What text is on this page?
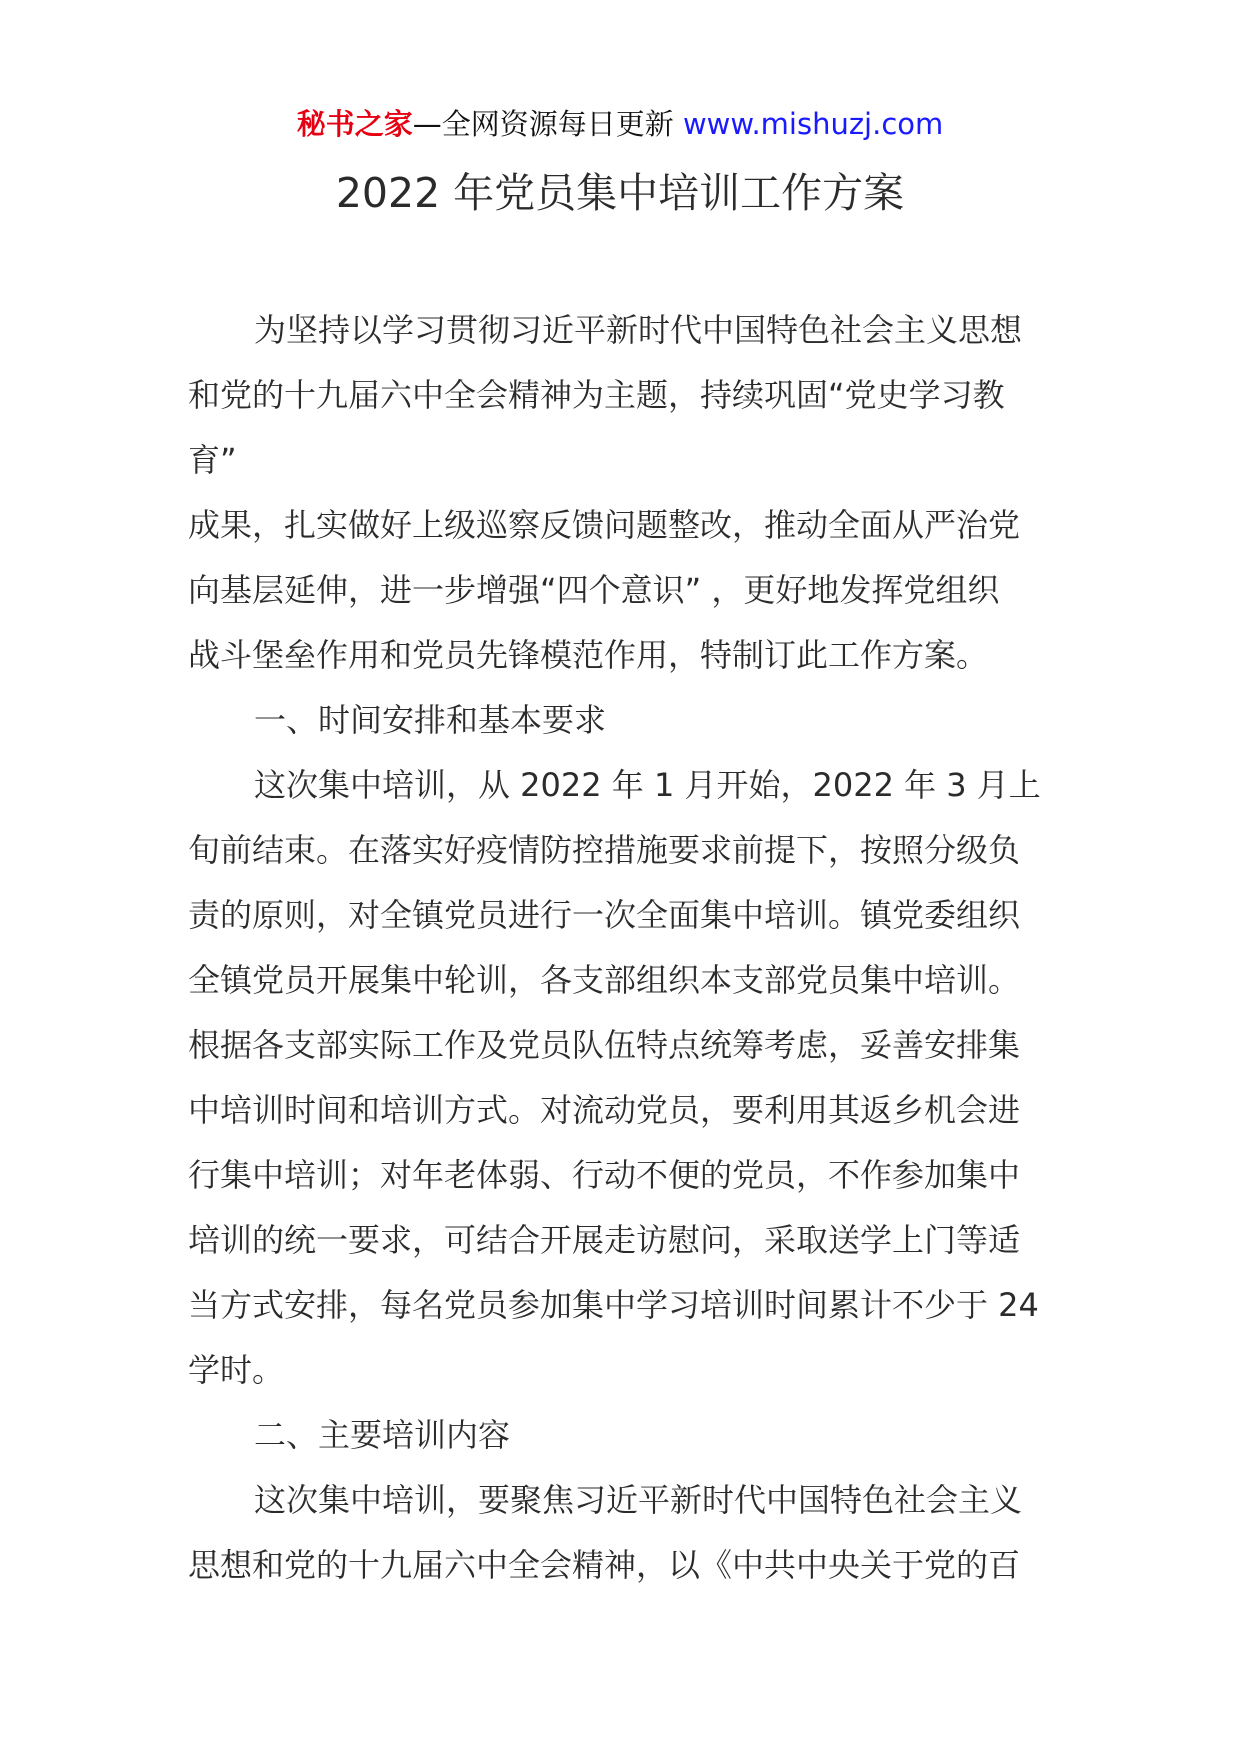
秘书之家—全网资源每日更新 www.mishuzj.com
2022 年党员集中培训工作方案
为坚持以学习贯彻习近平新时代中国特色社会主义思想
和党的十九届六中全会精神为主题，持续巩固“党史学习教
育”
成果，扎实做好上级巡察反馈问题整改，推动全面从严治党
向基层延伸，进一步增强“四个意识” ，更好地发挥党组织
战斗堡垒作用和党员先锋模范作用，特制订此工作方案。
一、时间安排和基本要求
这次集中培训，从 2022 年 1 月开始，2022 年 3 月上
旬前结束。在落实好疫情防控措施要求前提下，按照分级负
责的原则，对全镇党员进行一次全面集中培训。镇党委组织
全镇党员开展集中轮训，各支部组织本支部党员集中培训。
根据各支部实际工作及党员队伍特点统筹考虑，妥善安排集
中培训时间和培训方式。对流动党员，要利用其返乡机会进
行集中培训；对年老体弱、行动不便的党员，不作参加集中
培训的统一要求，可结合开展走访慰问，采取送学上门等适
当方式安排，每名党员参加集中学习培训时间累计不少于 24
学时。
二、主要培训内容
这次集中培训，要聚焦习近平新时代中国特色社会主义
思想和党的十九届六中全会精神，以《中共中央关于党的百
